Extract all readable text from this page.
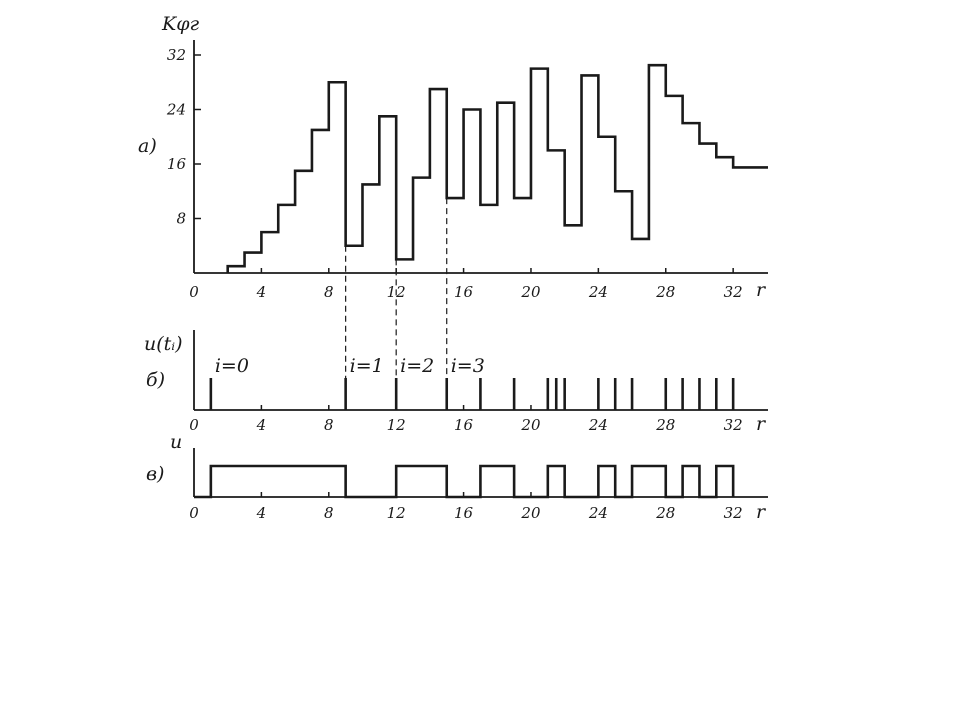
Kφг
а)
r
0	4	8	12	16	20	24	28	32
8
16
24
32
u(tᵢ)
б)
r
0	4	8	12	16	20	24	28	32
i=0	i=1 i=2 i=3
u
в)
r
0	4	8	12	16	20	24	28	32
